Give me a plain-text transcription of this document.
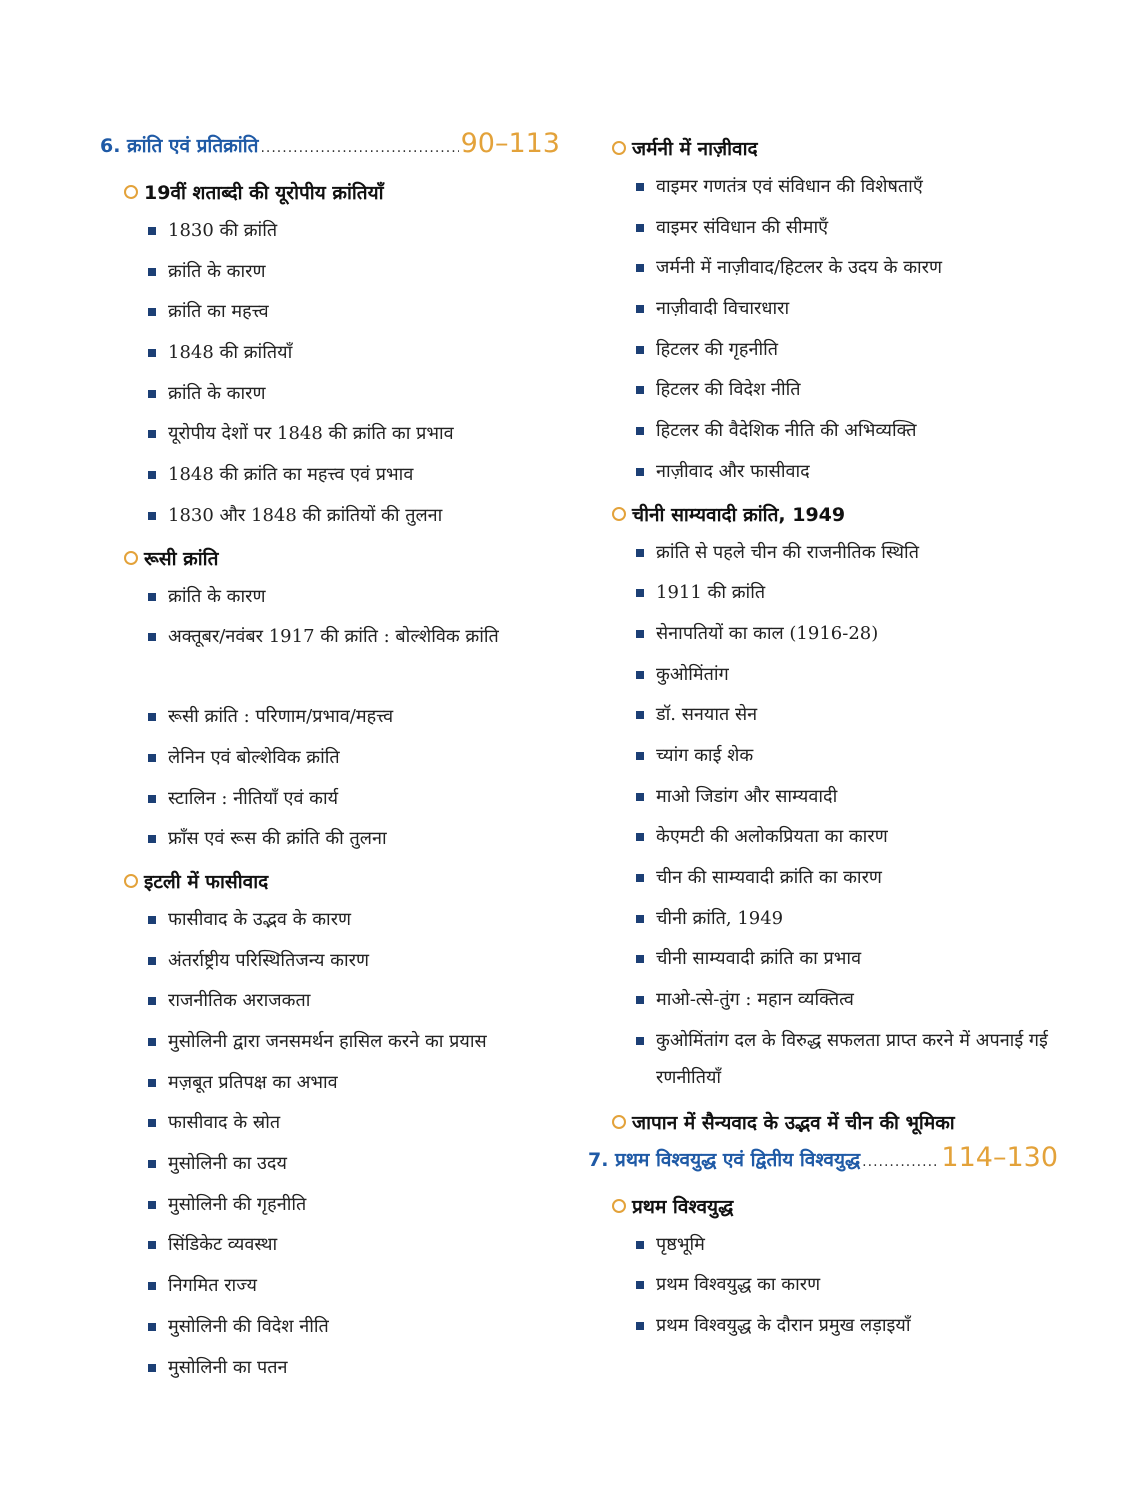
6. क्रांति एवं प्रतिक्रांति .....	90–113
19वीं शताब्दी की यूरोपीय क्रांतियाँ
1830 की क्रांति
क्रांति के कारण
क्रांति का महत्त्व
1848 की क्रांतियाँ
क्रांति के कारण
यूरोपीय देशों पर 1848 की क्रांति का प्रभाव
1848 की क्रांति का महत्त्व एवं प्रभाव
1830 और 1848 की क्रांतियों की तुलना
रूसी क्रांति
क्रांति के कारण
अक्तूबर/नवंबर 1917 की क्रांति : बोल्शेविक क्रांति
रूसी क्रांति : परिणाम/प्रभाव/महत्त्व
लेनिन एवं बोल्शेविक क्रांति
स्टालिन : नीतियाँ एवं कार्य
फ्राँस एवं रूस की क्रांति की तुलना
इटली में फासीवाद
फासीवाद के उद्भव के कारण
अंतर्राष्ट्रीय परिस्थितिजन्य कारण
राजनीतिक अराजकता
मुसोलिनी द्वारा जनसमर्थन हासिल करने का प्रयास
मज़बूत प्रतिपक्ष का अभाव
फासीवाद के स्रोत
मुसोलिनी का उदय
मुसोलिनी की गृहनीति
सिंडिकेट व्यवस्था
निगमित राज्य
मुसोलिनी की विदेश नीति
मुसोलिनी का पतन
जर्मनी में नाज़ीवाद
वाइमर गणतंत्र एवं संविधान की विशेषताएँ
वाइमर संविधान की सीमाएँ
जर्मनी में नाज़ीवाद/हिटलर के उदय के कारण
नाज़ीवादी विचारधारा
हिटलर की गृहनीति
हिटलर की विदेश नीति
हिटलर की वैदेशिक नीति की अभिव्यक्ति
नाज़ीवाद और फासीवाद
चीनी साम्यवादी क्रांति, 1949
क्रांति से पहले चीन की राजनीतिक स्थिति
1911 की क्रांति
सेनापतियों का काल (1916-28)
कुओमिंतांग
डॉ. सनयात सेन
च्यांग काई शेक
माओ जिडांग और साम्यवादी
केएमटी की अलोकप्रियता का कारण
चीन की साम्यवादी क्रांति का कारण
चीनी क्रांति, 1949
चीनी साम्यवादी क्रांति का प्रभाव
माओ-त्से-तुंग : महान व्यक्तित्व
कुओमिंतांग दल के विरुद्ध सफलता प्राप्त करने में अपनाई गई रणनीतियाँ
जापान में सैन्यवाद के उद्भव में चीन की भूमिका
7. प्रथम विश्वयुद्ध एवं द्वितीय विश्वयुद्ध .....	114–130
प्रथम विश्वयुद्ध
पृष्ठभूमि
प्रथम विश्वयुद्ध का कारण
प्रथम विश्वयुद्ध के दौरान प्रमुख लड़ाइयाँ
